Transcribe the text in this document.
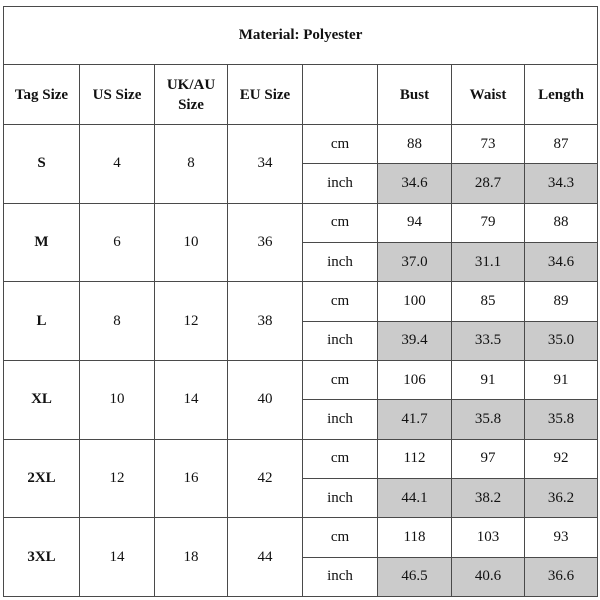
Material: Polyester							
Tag Size	US Size	UK/AU
Size	EU Size		Bust	Waist	Length
S	4	8	34	cm	88	73	87
				inch	34.6	28.7	34.3
M	6	10	36	cm	94	79	88
				inch	37.0	31.1	34.6
L	8	12	38	cm	100	85	89
				inch	39.4	33.5	35.0
XL	10	14	40	cm	106	91	91
				inch	41.7	35.8	35.8
2XL	12	16	42	cm	112	97	92
				inch	44.1	38.2	36.2
3XL	14	18	44	cm	118	103	93
				inch	46.5	40.6	36.6
